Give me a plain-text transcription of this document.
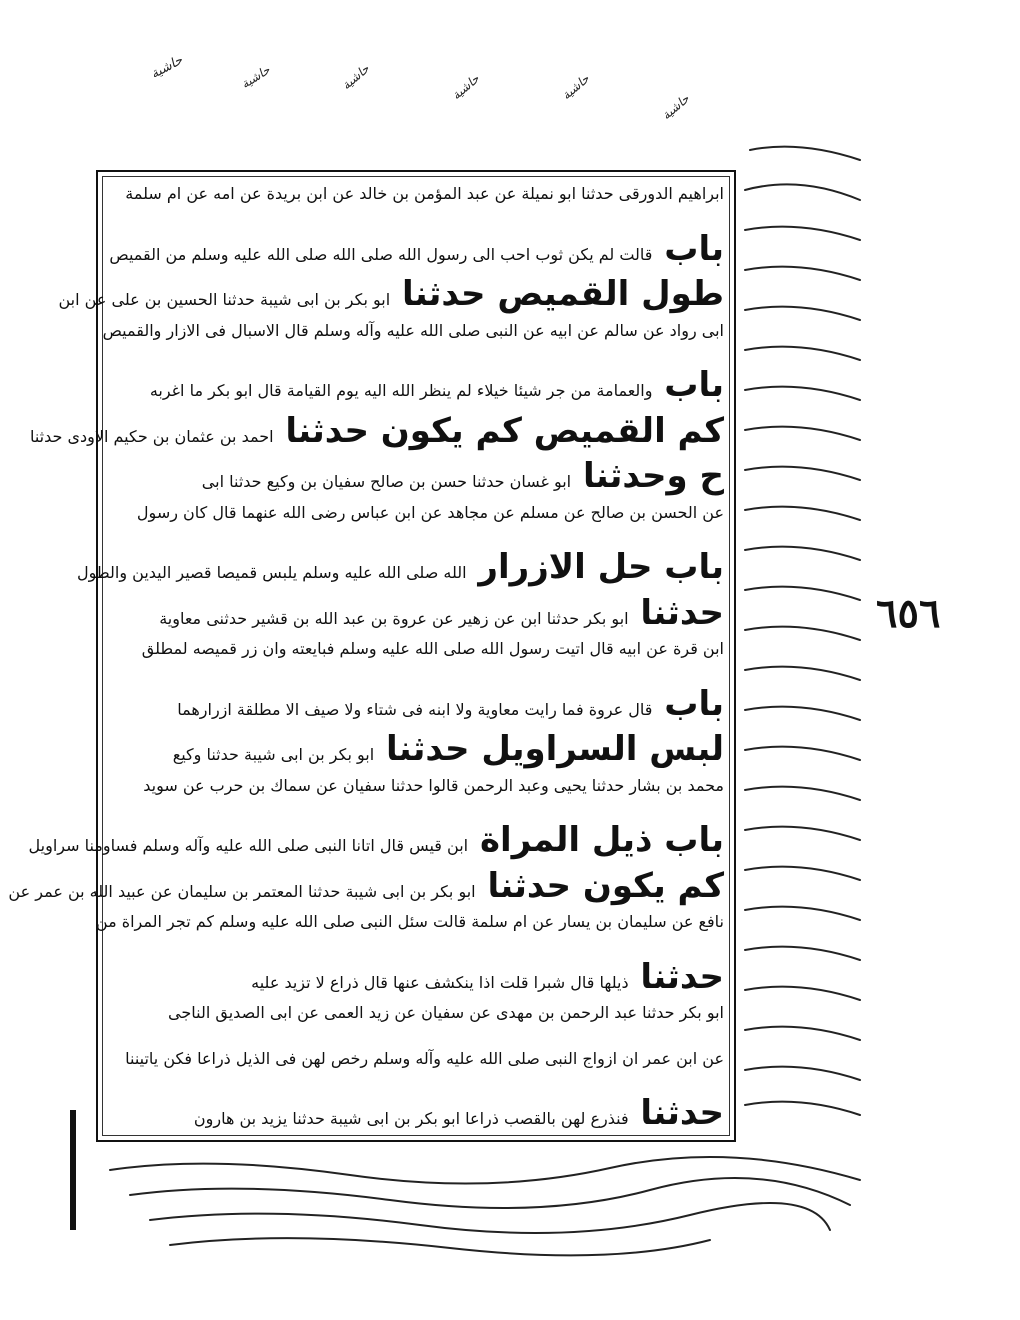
حاشية	حاشية	حاشية	حاشية	حاشية
حاشية
٦٥٦
ابراهيم الدورقى حدثنا ابو نميلة عن عبد المؤمن بن خالد عن ابن بريدة عن امه عن ام سلمة
باب قالت لم يكن ثوب احب الى رسول الله صلى الله صلى الله عليه وسلم من القميص
طول القميص حدثنا ابو بكر بن ابى شيبة حدثنا الحسين بن على عن ابن
ابى رواد عن سالم عن ابيه عن النبى صلى الله عليه وآله وسلم قال الاسبال فى الازار والقميص
باب والعمامة من جر شيئا خيلاء لم ينظر الله اليه يوم القيامة قال ابو بكر ما اغربه
كم القميص كم يكون حدثنا احمد بن عثمان بن حكيم الاودى حدثنا
ح وحدثنا ابو غسان حدثنا حسن بن صالح سفيان بن وكيع حدثنا ابى
عن الحسن بن صالح عن مسلم عن مجاهد عن ابن عباس رضى الله عنهما قال كان رسول
باب حل الازرار الله صلى الله عليه وسلم يلبس قميصا قصير اليدين والطول
حدثنا ابو بكر حدثنا ابن عن زهير عن عروة بن عبد الله بن قشير حدثنى معاوية
ابن قرة عن ابيه قال اتيت رسول الله صلى الله عليه وسلم فبايعته وان زر قميصه لمطلق
باب قال عروة فما رايت معاوية ولا ابنه فى شتاء ولا صيف الا مطلقة ازرارهما
لبس السراويل حدثنا ابو بكر بن ابى شيبة حدثنا وكيع
محمد بن بشار حدثنا يحيى وعبد الرحمن قالوا حدثنا سفيان عن سماك بن حرب عن سويد
باب ذيل المراة ابن قيس قال اتانا النبى صلى الله عليه وآله وسلم فساومنا سراويل
كم يكون حدثنا ابو بكر بن ابى شيبة حدثنا المعتمر بن سليمان عن عبيد الله بن عمر عن
نافع عن سليمان بن يسار عن ام سلمة قالت سئل النبى صلى الله عليه وسلم كم تجر المراة من
حدثنا ذيلها قال شبرا قلت اذا ينكشف عنها قال ذراع لا تزيد عليه
ابو بكر حدثنا عبد الرحمن بن مهدى عن سفيان عن زيد العمى عن ابى الصديق الناجى
عن ابن عمر ان ازواج النبى صلى الله عليه وآله وسلم رخص لهن فى الذيل ذراعا فكن ياتيننا
حدثنا فنذرع لهن بالقصب ذراعا ابو بكر بن ابى شيبة حدثنا يزيد بن هارون
